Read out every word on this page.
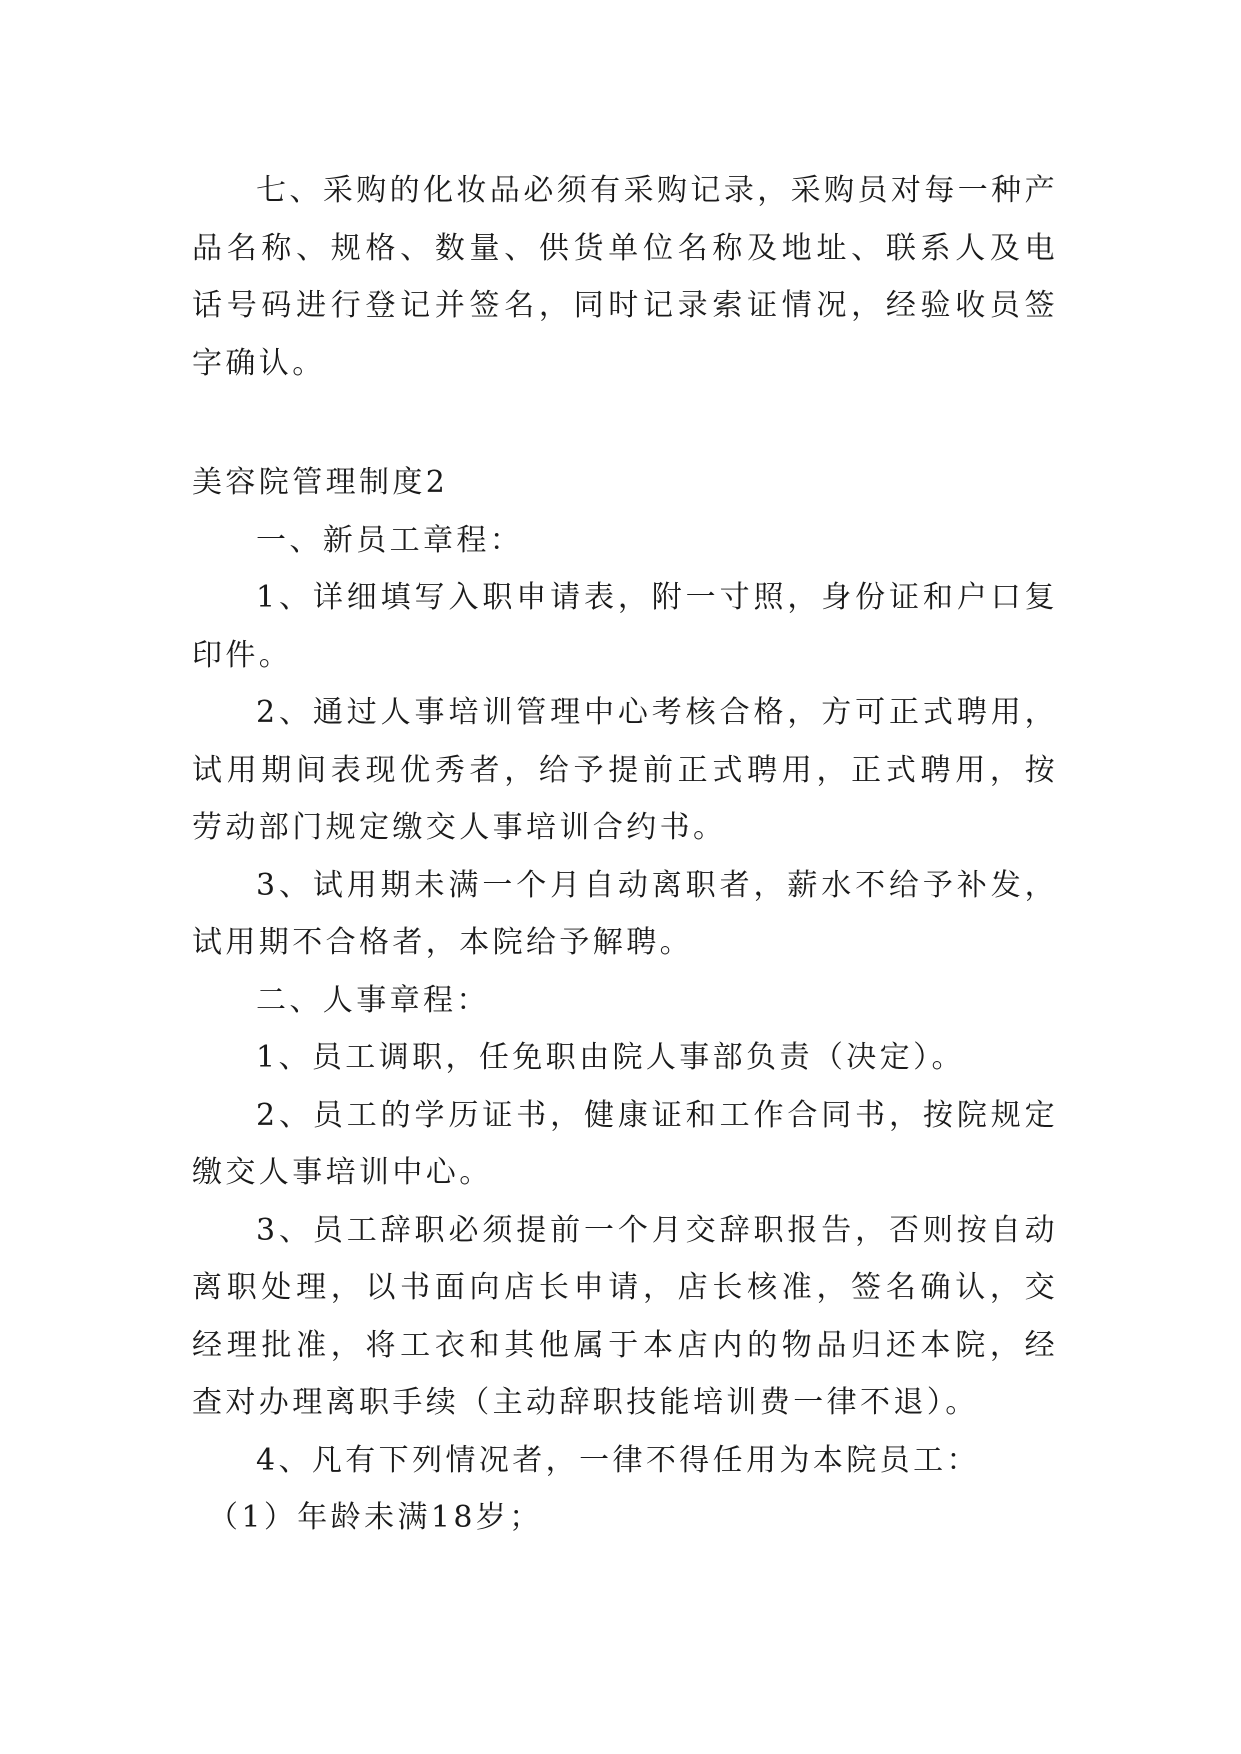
七、采购的化妆品必须有采购记录，采购员对每一种产品名称、规格、数量、供货单位名称及地址、联系人及电话号码进行登记并签名，同时记录索证情况，经验收员签字确认。

美容院管理制度2

一、新员工章程：

1、详细填写入职申请表，附一寸照，身份证和户口复印件。

2、通过人事培训管理中心考核合格，方可正式聘用，试用期间表现优秀者，给予提前正式聘用，正式聘用，按劳动部门规定缴交人事培训合约书。

3、试用期未满一个月自动离职者，薪水不给予补发，试用期不合格者，本院给予解聘。

二、人事章程：

1、员工调职，任免职由院人事部负责（决定）。

2、员工的学历证书，健康证和工作合同书，按院规定缴交人事培训中心。

3、员工辞职必须提前一个月交辞职报告，否则按自动离职处理，以书面向店长申请，店长核准，签名确认，交经理批准，将工衣和其他属于本店内的物品归还本院，经查对办理离职手续（主动辞职技能培训费一律不退）。

4、凡有下列情况者，一律不得任用为本院员工：

（1）年龄未满18岁；
